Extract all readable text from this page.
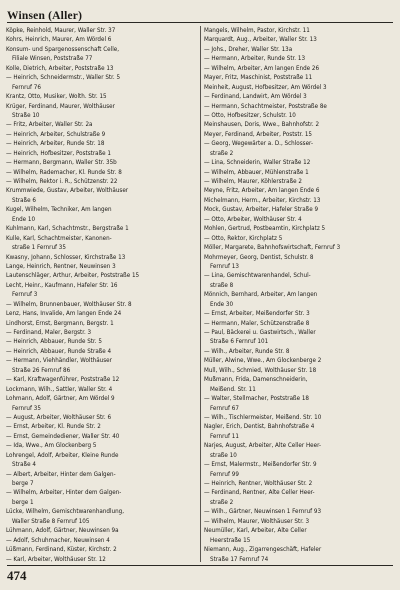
Winsen (Aller)
Köpke, Reinhold, Maurer, Waller Str. 37
Kohrs, Heinrich, Maurer, Am Wördel 6
Konsum- und Spargenossenschaft Celle,
Filiale Winsen, Poststraße 77
Kolle, Dietrich, Arbeiter, Poststraße 13
— Heinrich, Schneidermstr., Waller Str. 5
Fernruf 76
Krantz, Otto, Musiker, Wolth. Str. 15
Krüger, Ferdinand, Maurer, Wolthäuser
Straße 10
— Fritz, Arbeiter, Waller Str. 2a
— Heinrich, Arbeiter, Schulstraße 9
— Heinrich, Arbeiter, Runde Str. 18
— Heinrich, Hofbesitzer, Poststraße 1
— Hermann, Bergmann, Waller Str. 35b
— Wilhelm, Rademacher, Kl. Runde Str. 8
— Wilhelm, Rektor i. R., Schützenstr. 22
Krummwiede, Gustav, Arbeiter, Wolthäuser
Straße 6
Kugel, Wilhelm, Techniker, Am langen
Ende 10
Kuhlmann, Karl, Schachtmstr., Bergstraße 1
Kulle, Karl, Schachtmeister, Kanonen-
straße 1 Fernruf 35
Kwasny, Johann, Schlosser, Kirchstraße 13
Lange, Heinrich, Rentner, Neuwinsen 3
Lautenschläger, Arthur, Arbeiter, Poststraße 15
Lecht, Heinr., Kaufmann, Hafeler Str. 16
Fernruf 3
— Wilhelm, Brunnenbauer, Wolthäuser Str. 8
Lenz, Hans, Invalide, Am langen Ende 24
Lindhorst, Ernst, Bergmann, Bergstr. 1
— Ferdinand, Maler, Bergstr. 3
— Heinrich, Abbauer, Runde Str. 5
— Heinrich, Abbauer, Runde Straße 4
— Hermann, Viehhändler, Wolthäuser
Straße 26 Fernruf 86
— Karl, Kraftwagenführer, Poststraße 12
Lockmann, Wilh., Sattler, Waller Str. 4
Lohmann, Adolf, Gärtner, Am Wördel 9
Fernruf 35
— August, Arbeiter, Wolthäuser Str. 6
— Ernst, Arbeiter, Kl. Runde Str. 2
— Ernst, Gemeindediener, Waller Str. 40
— Ida, Wwe., Am Glockenberg 5
Lohrengel, Adolf, Arbeiter, Kleine Runde
Straße 4
— Albert, Arbeiter, Hinter dem Galgen-
berge 7
— Wilhelm, Arbeiter, Hinter dem Galgen-
berge 1
Lücke, Wilhelm, Gemischtwarenhandlung,
Waller Straße 8 Fernruf 105
Lühmann, Adolf, Gärtner, Neuwinsen 9a
— Adolf, Schuhmacher, Neuwinsen 4
Lüßmann, Ferdinand, Küster, Kirchstr. 2
— Karl, Arbeiter, Wolthäuser Str. 12
Mangels, Wilhelm, Pastor, Kirchstr. 11
Marquardt, Aug., Arbeiter, Waller Str. 13
— Johs., Dreher, Waller Str. 13a
— Hermann, Arbeiter, Runde Str. 13
— Wilhelm, Arbeiter, Am langen Ende 26
Mayer, Fritz, Maschinist, Poststraße 11
Meinheit, August, Hofbesitzer, Am Wördel 3
— Ferdinand, Landwirt, Am Wördel 3
— Hermann, Schachtmeister, Poststraße 8e
— Otto, Hofbesitzer, Schulstr. 10
Meinshausen, Doris, Wwe., Bahnhofstr. 2
Meyer, Ferdinand, Arbeiter, Poststr. 15
— Georg, Wegewärter a. D., Schlosser-
straße 2
— Lina, Schneiderin, Waller Straße 12
— Wilhelm, Abbauer, Mühlenstraße 1
— Wilhelm, Maurer, Köhlerstraße 2
Meyne, Fritz, Arbeiter, Am langen Ende 6
Michelmann, Herm., Arbeiter, Kirchstr. 13
Mock, Gustav, Arbeiter, Hafeler Straße 9
— Otto, Arbeiter, Wolthäuser Str. 4
Mohlen, Gertrud, Postbeamtin, Kirchplatz 5
— Otto, Rektor, Kirchplatz 5
Möller, Margarete, Bahnhofswirtschaft, Fernruf 3
Mohrmeyer, Georg, Dentist, Schulstr. 8
Fernruf 13
— Lina, Gemischtwarenhandel, Schul-
straße 8
Mönnich, Bernhard, Arbeiter, Am langen
Ende 30
— Ernst, Arbeiter, Meißendorfer Str. 3
— Hermann, Maler, Schützenstraße 8
— Paul, Bäckerei u. Gastwirtsch., Waller
Straße 6 Fernruf 101
— Wilh., Arbeiter, Runde Str. 8
Müller, Alwine, Wwe., Am Glockenberge 2
Mull, Wilh., Schmied, Wolthäuser Str. 18
Mußmann, Frida, Damenschneiderin,
Meißend. Str. 11
— Walter, Stellmacher, Poststraße 18
Fernruf 67
— Wilh., Tischlermeister, Meißend. Str. 10
Nagler, Erich, Dentist, Bahnhofstraße 4
Fernruf 11
Narjes, August, Arbeiter, Alte Celler Heer-
straße 10
— Ernst, Malermstr., Meißendorfer Str. 9
Fernruf 99
— Heinrich, Rentner, Wolthäuser Str. 2
— Ferdinand, Rentner, Alte Celler Heer-
straße 2
— Wilh., Gärtner, Neuwinsen 1 Fernruf 93
— Wilhelm, Maurer, Wolthäuser Str. 3
Neumüller, Karl, Arbeiter, Alte Celler
Heerstraße 15
Niemann, Aug., Zigarrengeschäft, Hafeler
Straße 17 Fernruf 74
474
